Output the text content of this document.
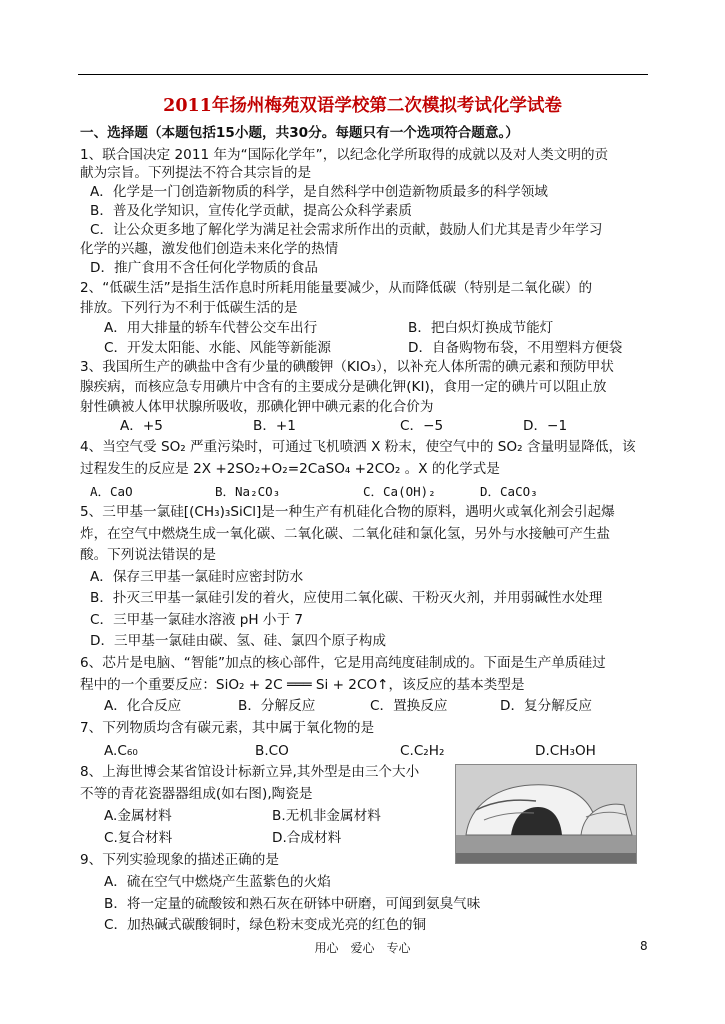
2011年扬州梅苑双语学校第二次模拟考试化学试卷
一、选择题（本题包括15小题，共30分。每题只有一个选项符合题意。）
1、联合国决定 2011 年为“国际化学年”，以纪念化学所取得的成就以及对人类文明的贡
献为宗旨。下列提法不符合其宗旨的是
A．化学是一门创造新物质的科学，是自然科学中创造新物质最多的科学领域
B．普及化学知识，宣传化学贡献，提高公众科学素质
C．让公众更多地了解化学为满足社会需求所作出的贡献，鼓励人们尤其是青少年学习
化学的兴趣，激发他们创造未来化学的热情
D．推广食用不含任何化学物质的食品
2、“低碳生活”是指生活作息时所耗用能量要减少，从而降低碳（特别是二氧化碳）的
排放。下列行为不利于低碳生活的是
A．用大排量的轿车代替公交车出行	B．把白炽灯换成节能灯
C．开发太阳能、水能、风能等新能源	D．自备购物布袋，不用塑料方便袋
3、我国所生产的碘盐中含有少量的碘酸钾（KIO₃），以补充人体所需的碘元素和预防甲状
腺疾病，而核应急专用碘片中含有的主要成分是碘化钾(KI)，食用一定的碘片可以阻止放
射性碘被人体甲状腺所吸收，那碘化钾中碘元素的化合价为
A．+5	B．+1	C．−5	D．−1
4、当空气受 SO₂ 严重污染时，可通过飞机喷洒 X 粉末，使空气中的 SO₂ 含量明显降低，该
过程发生的反应是 2X +2SO₂+O₂=2CaSO₄ +2CO₂ 。X 的化学式是
A．CaO	B．Na₂CO₃	C．Ca(OH)₂	D．CaCO₃
5、三甲基一氯硅[(CH₃)₃SiCl]是一种生产有机硅化合物的原料，遇明火或氧化剂会引起爆
炸，在空气中燃烧生成一氧化碳、二氧化碳、二氧化硅和氯化氢，另外与水接触可产生盐
酸。下列说法错误的是
A．保存三甲基一氯硅时应密封防水
B．扑灭三甲基一氯硅引发的着火，应使用二氧化碳、干粉灭火剂，并用弱碱性水处理
C．三甲基一氯硅水溶液 pH 小于 7
D．三甲基一氯硅由碳、氢、硅、氯四个原子构成
6、芯片是电脑、“智能”加点的核心部件，它是用高纯度硅制成的。下面是生产单质硅过
程中的一个重要反应：SiO₂ + 2C ═══ Si + 2CO↑，该反应的基本类型是
A．化合反应	B．分解反应	C．置换反应	D．复分解反应
7、下列物质均含有碳元素，其中属于氧化物的是
A.C₆₀	B.CO	C.C₂H₂	D.CH₃OH
8、上海世博会某省馆设计标新立异,其外型是由三个大小
不等的青花瓷器器组成(如右图),陶瓷是
A.金属材料	B.无机非金属材料
C.复合材料	D.合成材料
9、下列实验现象的描述正确的是
A．硫在空气中燃烧产生蓝紫色的火焰
B．将一定量的硫酸铵和熟石灰在研钵中研磨，可闻到氨臭气味
C．加热碱式碳酸铜时，绿色粉末变成光亮的红色的铜
用心　爱心　专心	8
